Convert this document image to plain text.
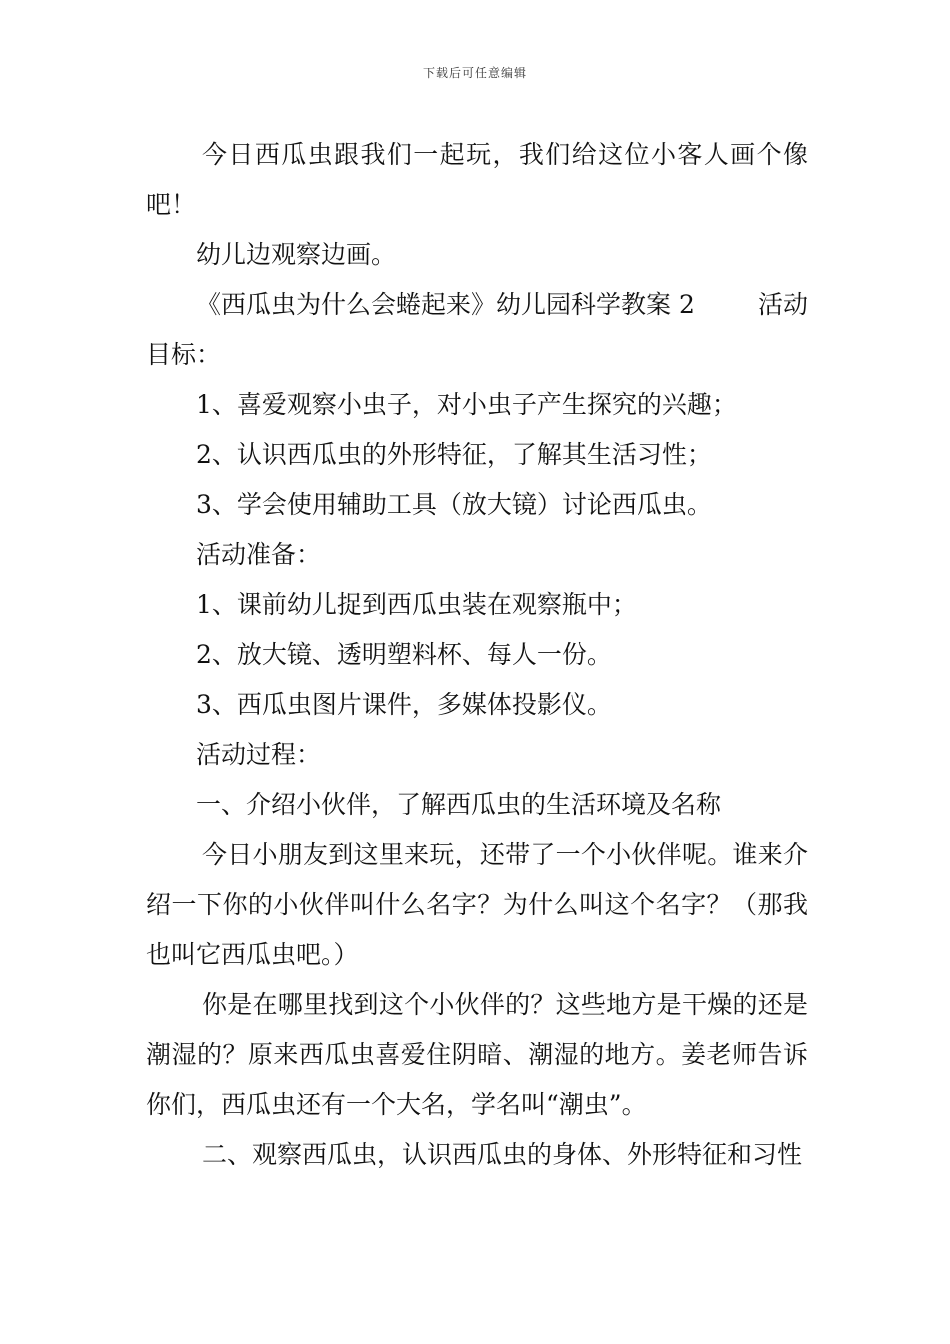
下载后可任意编辑

今日西瓜虫跟我们一起玩，我们给这位小客人画个像吧！

幼儿边观察边画。

《西瓜虫为什么会蜷起来》幼儿园科学教案 2	活动

目标：

1、喜爱观察小虫子，对小虫子产生探究的兴趣；

2、认识西瓜虫的外形特征，了解其生活习性；

3、学会使用辅助工具（放大镜）讨论西瓜虫。

活动准备：

1、课前幼儿捉到西瓜虫装在观察瓶中；

2、放大镜、透明塑料杯、每人一份。

3、西瓜虫图片课件，多媒体投影仪。

活动过程：

一、介绍小伙伴，了解西瓜虫的生活环境及名称

今日小朋友到这里来玩，还带了一个小伙伴呢。谁来介绍一下你的小伙伴叫什么名字？为什么叫这个名字？（那我也叫它西瓜虫吧。）

你是在哪里找到这个小伙伴的？这些地方是干燥的还是潮湿的？原来西瓜虫喜爱住阴暗、潮湿的地方。姜老师告诉你们，西瓜虫还有一个大名，学名叫“潮虫”。

二、观察西瓜虫，认识西瓜虫的身体、外形特征和习性
